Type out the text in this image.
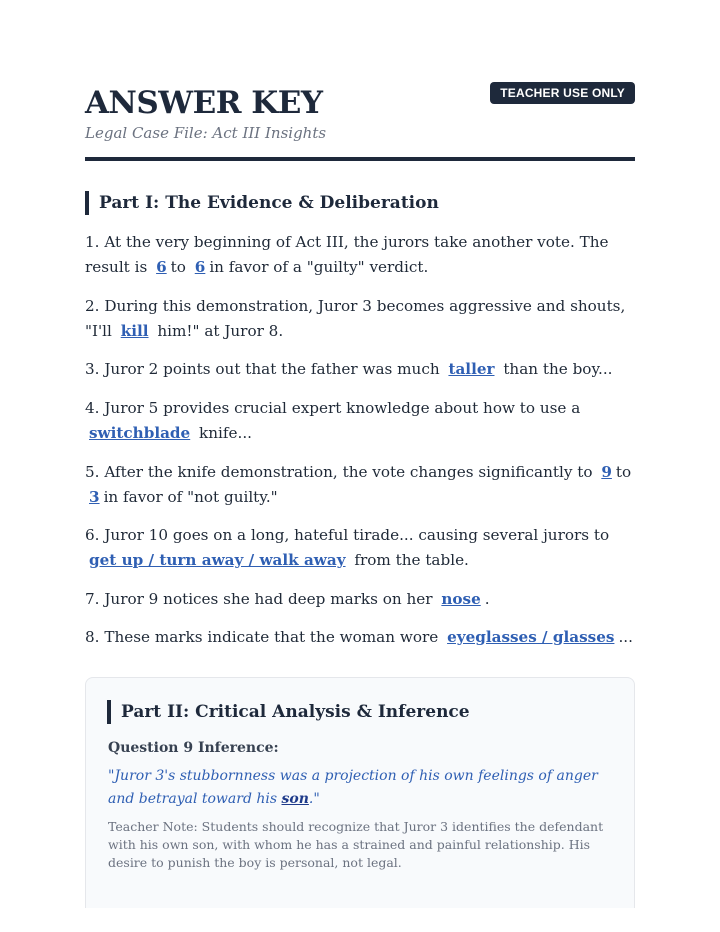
ANSWER KEY
Legal Case File: Act III Insights
TEACHER USE ONLY
Part I: The Evidence & Deliberation
1. At the very beginning of Act III, the jurors take another vote. The result is 6 to 6 in favor of a "guilty" verdict.
2. During this demonstration, Juror 3 becomes aggressive and shouts, "I'll kill him!" at Juror 8.
3. Juror 2 points out that the father was much taller than the boy...
4. Juror 5 provides crucial expert knowledge about how to use a switchblade knife...
5. After the knife demonstration, the vote changes significantly to 9 to 3 in favor of "not guilty."
6. Juror 10 goes on a long, hateful tirade... causing several jurors to get up / turn away / walk away from the table.
7. Juror 9 notices she had deep marks on her nose .
8. These marks indicate that the woman wore eyeglasses / glasses ...
Part II: Critical Analysis & Inference
Question 9 Inference:
"Juror 3's stubbornness was a projection of his own feelings of anger and betrayal toward his son."
Teacher Note: Students should recognize that Juror 3 identifies the defendant with his own son, with whom he has a strained and painful relationship. His desire to punish the boy is personal, not legal.
